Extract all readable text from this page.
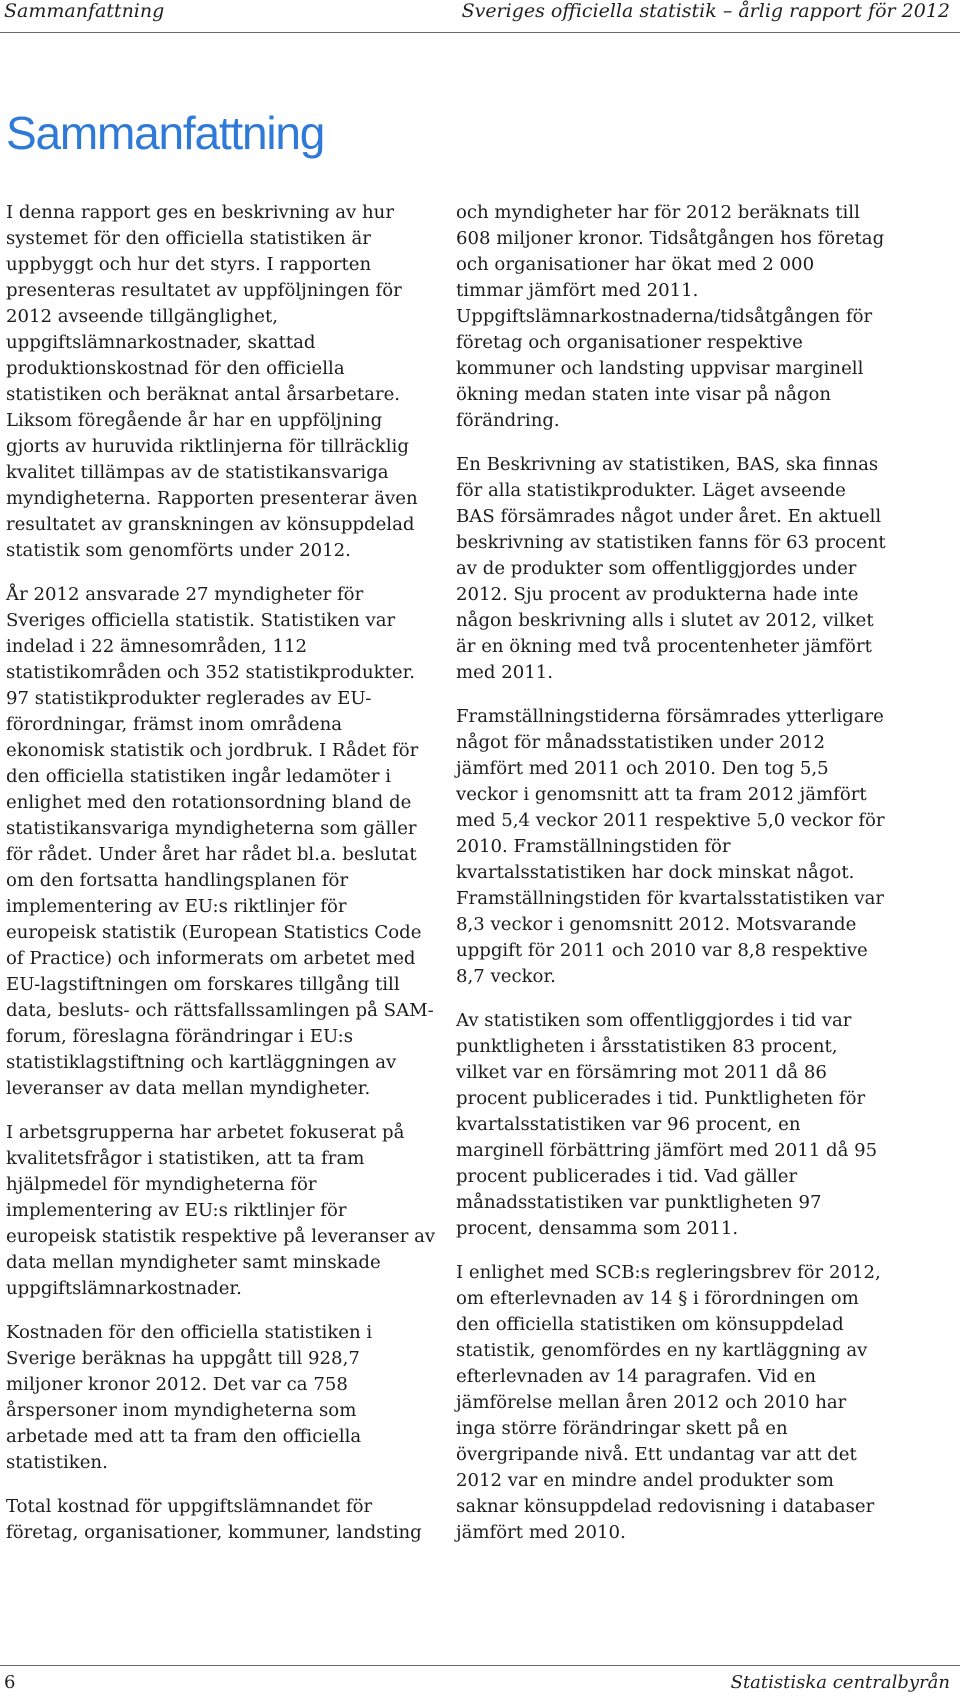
Sammanfattning	Sveriges officiella statistik – årlig rapport för 2012
Sammanfattning

I denna rapport ges en beskrivning av hur systemet för den officiella statistiken är uppbyggt och hur det styrs. I rapporten presenteras resultatet av uppföljningen för 2012 avseende tillgänglighet, uppgiftslämnarkostnader, skattad produktionskostnad för den officiella statistiken och beräknat antal årsarbetare. Liksom föregående år har en uppföljning gjorts av huruvida riktlinjerna för tillräcklig kvalitet tillämpas av de statistikansvariga myndigheterna. Rapporten presenterar även resultatet av granskningen av könsuppdelad statistik som genomförts under 2012.

År 2012 ansvarade 27 myndigheter för Sveriges officiella statistik. Statistiken var indelad i 22 ämnesområden, 112 statistikområden och 352 statistikprodukter. 97 statistikprodukter reglerades av EU-förordningar, främst inom områdena ekonomisk statistik och jordbruk. I Rådet för den officiella statistiken ingår ledamöter i enlighet med den rotationsordning bland de statistikansvariga myndigheterna som gäller för rådet. Under året har rådet bl.a. beslutat om den fortsatta handlingsplanen för implementering av EU:s riktlinjer för europeisk statistik (European Statistics Code of Practice) och informerats om arbetet med EU-lagstiftningen om forskares tillgång till data, besluts- och rättsfallssamlingen på SAM-forum, föreslagna förändringar i EU:s statistiklagstiftning och kartläggningen av leveranser av data mellan myndigheter.

I arbetsgrupperna har arbetet fokuserat på kvalitetsfrågor i statistiken, att ta fram hjälpmedel för myndigheterna för implementering av EU:s riktlinjer för europeisk statistik respektive på leveranser av data mellan myndigheter samt minskade uppgiftslämnarkostnader.

Kostnaden för den officiella statistiken i Sverige beräknas ha uppgått till 928,7 miljoner kronor 2012. Det var ca 758 årspersoner inom myndigheterna som arbetade med att ta fram den officiella statistiken.

Total kostnad för uppgiftslämnandet för företag, organisationer, kommuner, landsting

och myndigheter har för 2012 beräknats till 608 miljoner kronor. Tidsåtgången hos företag och organisationer har ökat med 2 000 timmar jämfört med 2011. Uppgiftslämnarkostnaderna/tidsåtgången för företag och organisationer respektive kommuner och landsting uppvisar marginell ökning medan staten inte visar på någon förändring.

En Beskrivning av statistiken, BAS, ska finnas för alla statistikprodukter. Läget avseende BAS försämrades något under året. En aktuell beskrivning av statistiken fanns för 63 procent av de produkter som offentliggjordes under 2012. Sju procent av produkterna hade inte någon beskrivning alls i slutet av 2012, vilket är en ökning med två procentenheter jämfört med 2011.

Framställningstiderna försämrades ytterligare något för månadsstatistiken under 2012 jämfört med 2011 och 2010. Den tog 5,5 veckor i genomsnitt att ta fram 2012 jämfört med 5,4 veckor 2011 respektive 5,0 veckor för 2010. Framställningstiden för kvartalsstatistiken har dock minskat något. Framställningstiden för kvartalsstatistiken var 8,3 veckor i genomsnitt 2012. Motsvarande uppgift för 2011 och 2010 var 8,8 respektive 8,7 veckor.

Av statistiken som offentliggjordes i tid var punktligheten i årsstatistiken 83 procent, vilket var en försämring mot 2011 då 86 procent publicerades i tid. Punktligheten för kvartalsstatistiken var 96 procent, en marginell förbättring jämfört med 2011 då 95 procent publicerades i tid. Vad gäller månadsstatistiken var punktligheten 97 procent, densamma som 2011.

I enlighet med SCB:s regleringsbrev för 2012, om efterlevnaden av 14 § i förordningen om den officiella statistiken om könsuppdelad statistik, genomfördes en ny kartläggning av efterlevnaden av 14 paragrafen. Vid en jämförelse mellan åren 2012 och 2010 har inga större förändringar skett på en övergripande nivå. Ett undantag var att det 2012 var en mindre andel produkter som saknar könsuppdelad redovisning i databaser jämfört med 2010.

6	Statistiska centralbyrån
